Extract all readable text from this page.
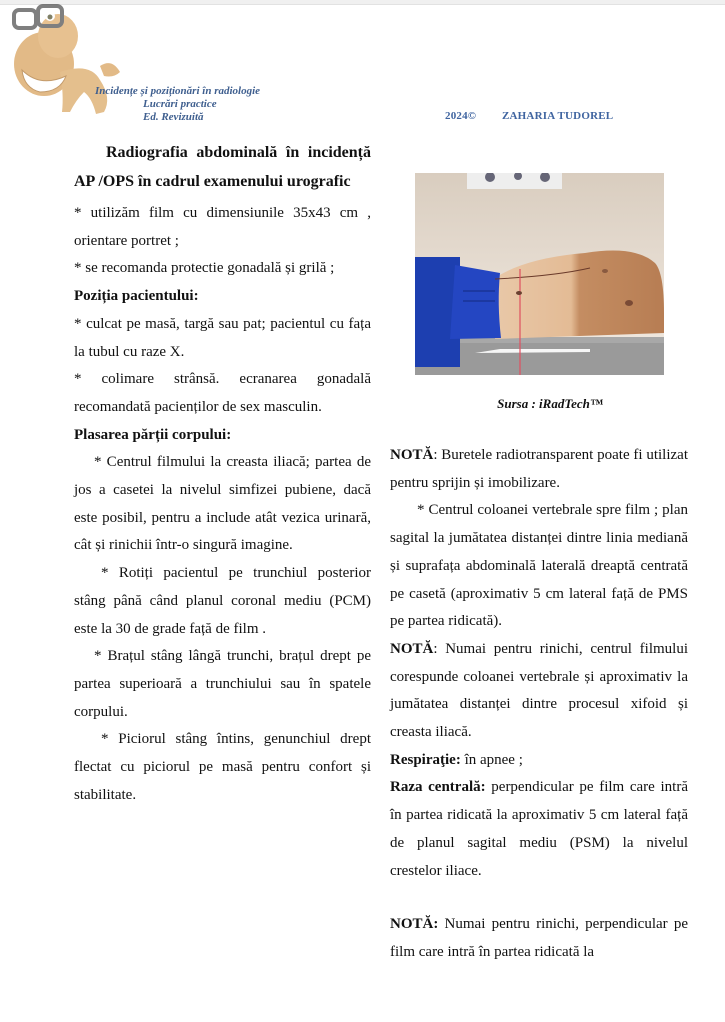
Incidențe și poziționări în radiologie
Lucrări practice
Ed. Revizuită	2024© ZAHARIA TUDOREL

Radiografia abdominală în incidență AP /OPS în cadrul examenului urografic

* utilizăm film cu dimensiunile 35x43 cm , orientare portret ;

* se recomanda protectie gonadală și grilă ;

Poziția pacientului:

* culcat pe masă, targă sau pat; pacientul cu fața la tubul cu raze X.

* colimare strânsă. ecranarea gonadală recomandată pacienților de sex masculin.

Plasarea părții corpului:

* Centrul filmului la creasta iliacă; partea de jos a casetei la nivelul simfizei pubiene, dacă este posibil, pentru a include atât vezica urinară, cât și rinichii într-o singură imagine.

* Rotiți pacientul pe trunchiul posterior stâng până când planul coronal mediu (PCM) este la 30 de grade față de film .

* Brațul stâng lângă trunchi, brațul drept pe partea superioară a trunchiului sau în spatele corpului.

* Piciorul stâng întins, genunchiul drept flectat cu piciorul pe masă pentru confort și stabilitate.

Sursa : iRadTech™

NOTĂ: Buretele radiotransparent poate fi utilizat pentru sprijin și imobilizare.

* Centrul coloanei vertebrale spre film ; plan sagital la jumătatea distanței dintre linia mediană și suprafața abdominală laterală dreaptă centrată pe casetă (aproximativ 5 cm lateral față de PMS pe partea ridicată).

NOTĂ: Numai pentru rinichi, centrul filmului corespunde coloanei vertebrale și aproximativ la jumătatea distanței dintre procesul xifoid și creasta iliacă.

Respiraţie: în apnee ;

Raza centrală: perpendicular pe film care intră în partea ridicată la aproximativ 5 cm lateral față de planul sagital mediu (PSM) la nivelul crestelor iliace.

NOTĂ: Numai pentru rinichi, perpendicular pe film care intră în partea ridicată la
